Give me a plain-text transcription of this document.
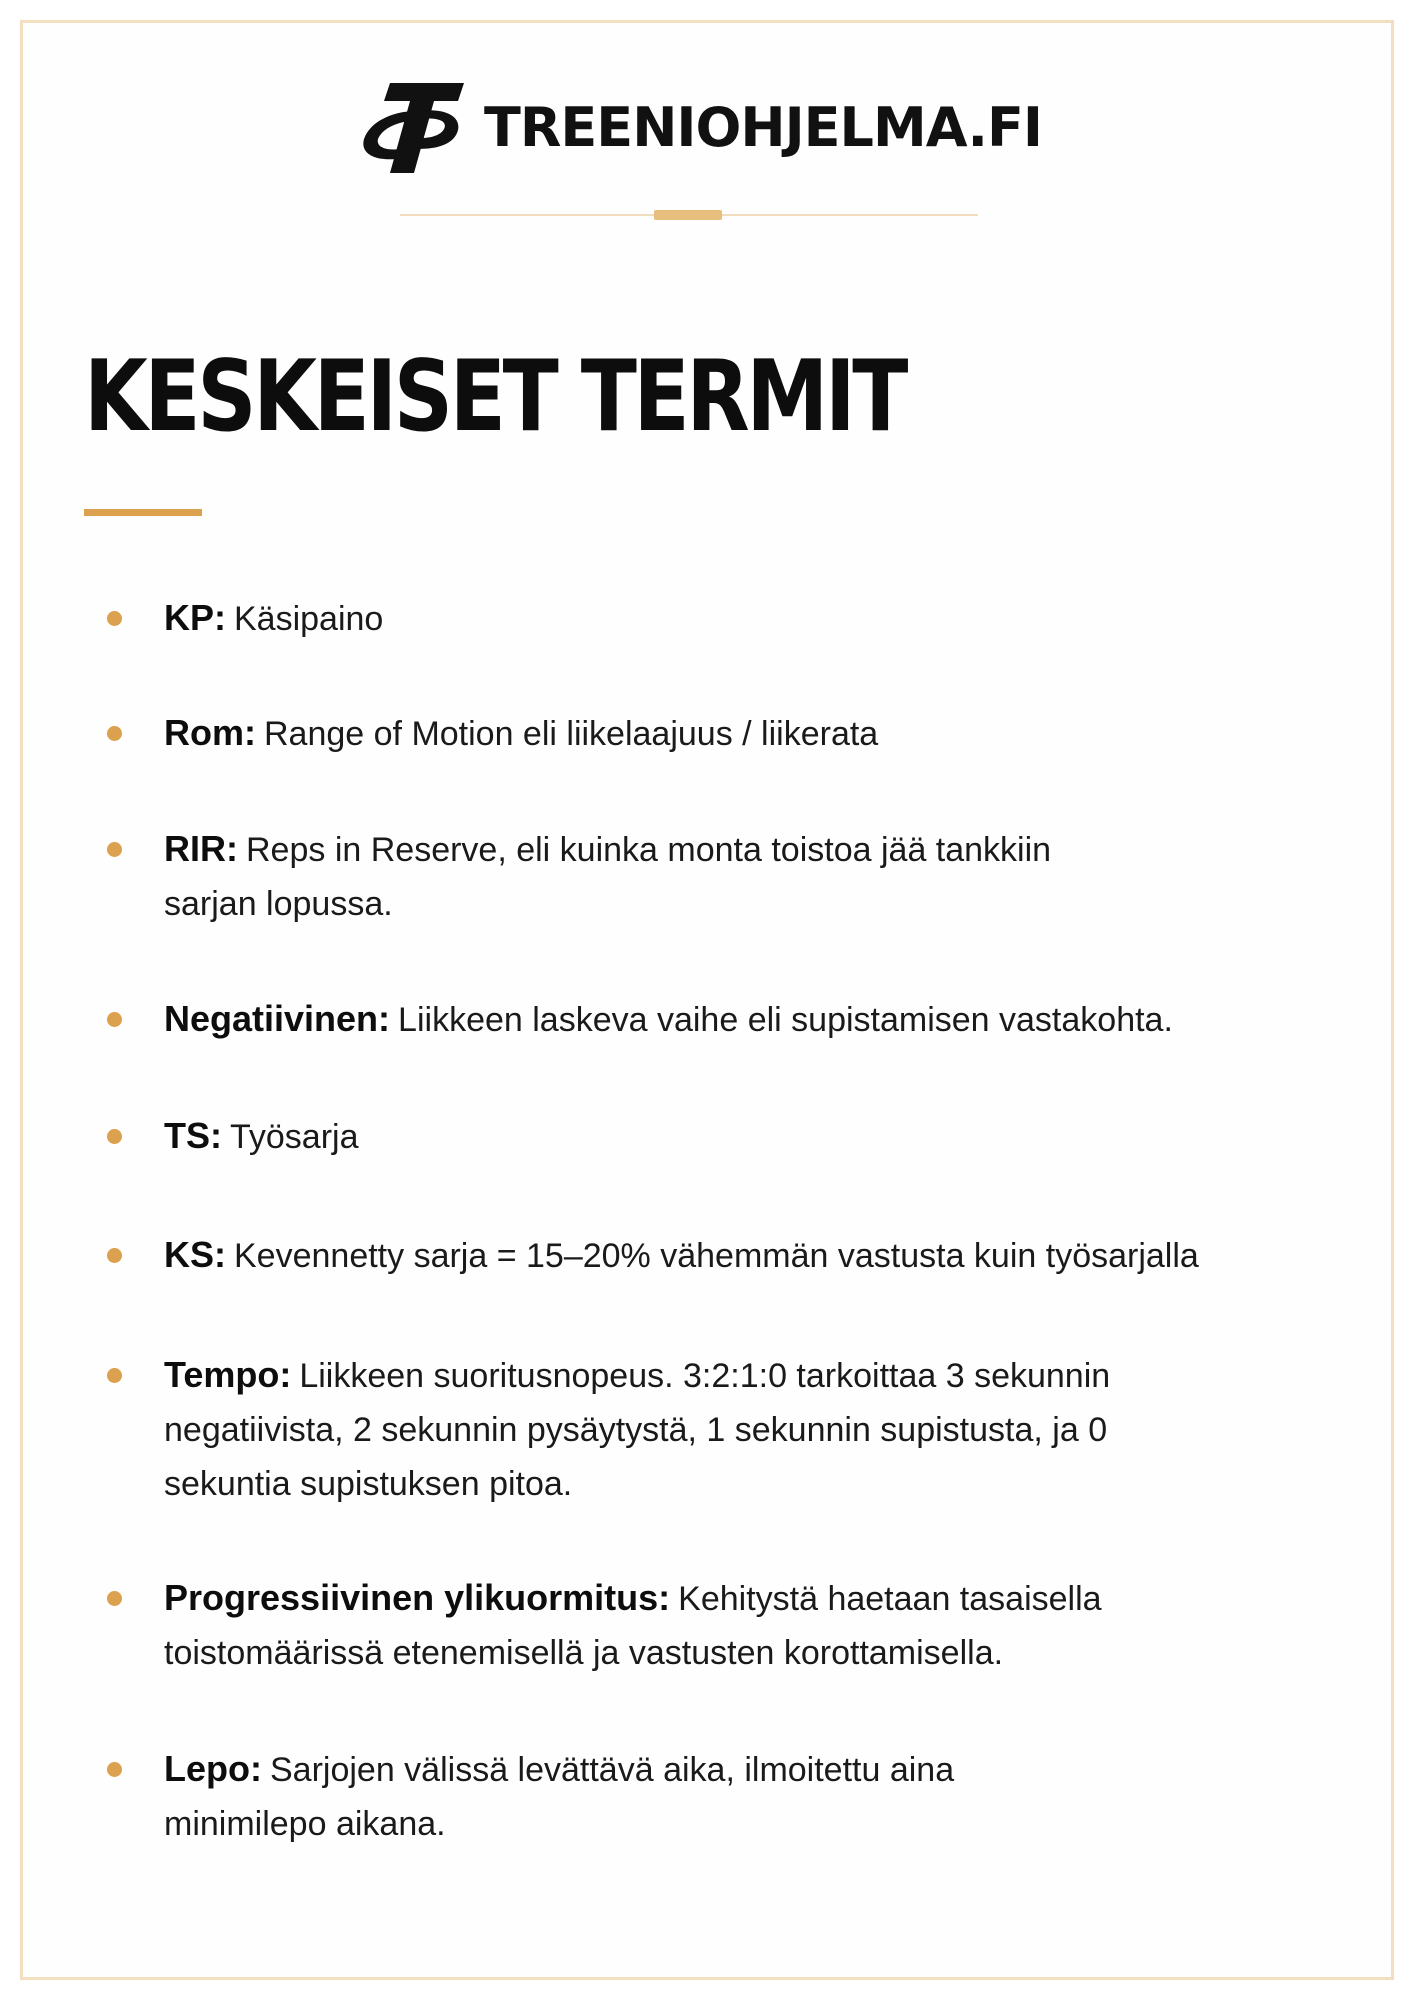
TREENIOHJELMA.FI
KESKEISET TERMIT
KP: Käsipaino
Rom: Range of Motion eli liikelaajuus / liikerata
RIR: Reps in Reserve, eli kuinka monta toistoa jää tankkiin sarjan lopussa.
Negatiivinen: Liikkeen laskeva vaihe eli supistamisen vastakohta.
TS: Työsarja
KS: Kevennetty sarja = 15–20% vähemmän vastusta kuin työsarjalla
Tempo: Liikkeen suoritusnopeus. 3:2:1:0 tarkoittaa 3 sekunnin negatiivista, 2 sekunnin pysäytystä, 1 sekunnin supistusta, ja 0 sekuntia supistuksen pitoa.
Progressiivinen ylikuormitus: Kehitystä haetaan tasaisella toistomäärissä etenemisellä ja vastusten korottamisella.
Lepo: Sarjojen välissä levättävä aika, ilmoitettu aina minimilepo aikana.
